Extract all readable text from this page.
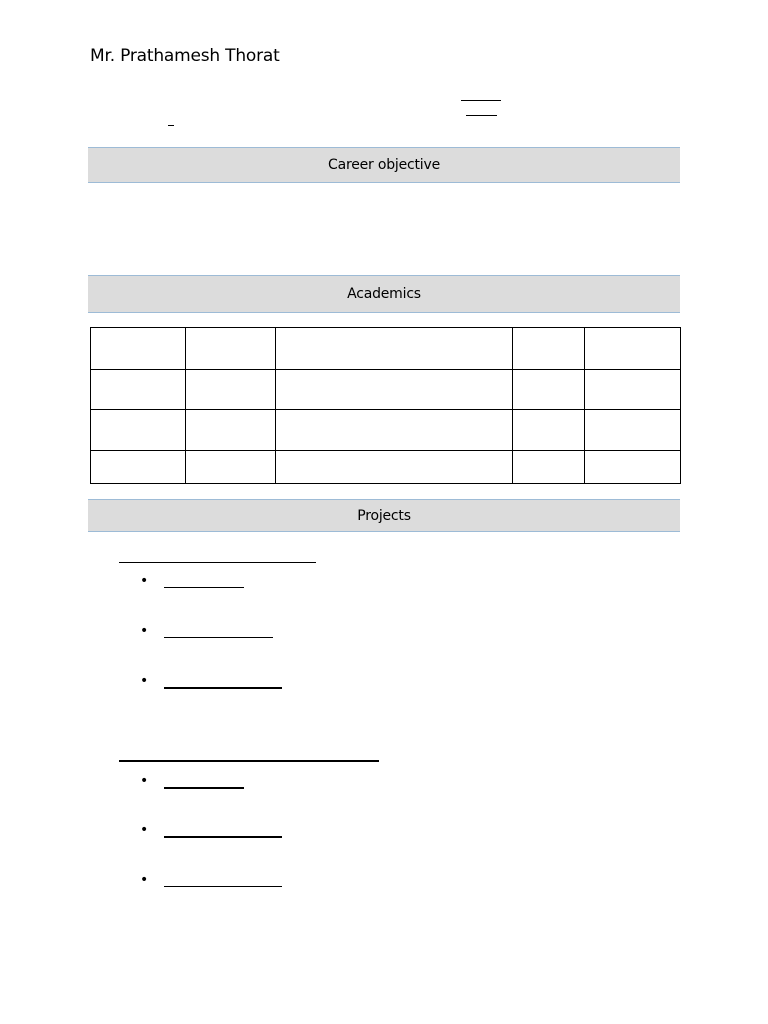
Mr. Prathamesh Thorat
Career objective
Academics

Projects
•
•
•
•
•
•
